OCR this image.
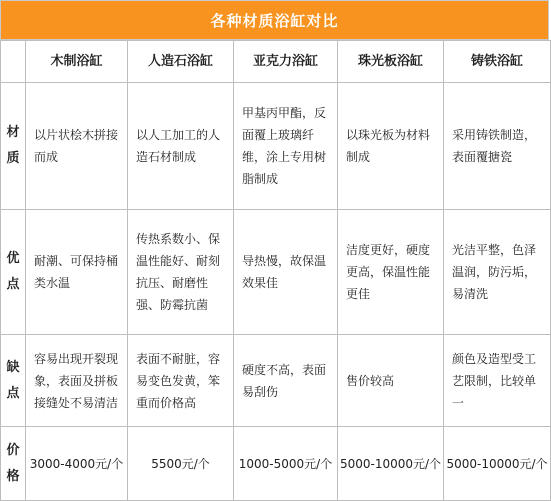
各种材质浴缸对比
	木制浴缸	人造石浴缸	亚克力浴缸	珠光板浴缸	铸铁浴缸

材
质	以片状桧木拼接而成	以人工加工的人造石材制成	甲基丙甲酯，反面覆上玻璃纤维，涂上专用树脂制成	以珠光板为材料制成	采用铸铁制造，表面覆搪瓷

优
点	耐潮、可保持桶类水温	传热系数小、保温性能好、耐刻抗压、耐磨性强、防霉抗菌	导热慢，故保温效果佳	洁度更好，硬度更高，保温性能更佳	光洁平整，色泽温润，防污垢，易清洗

缺
点	容易出现开裂现象，表面及拼板接缝处不易清洁	表面不耐脏，容易变色发黄，笨重而价格高	硬度不高，表面易刮伤	售价较高	颜色及造型受工艺限制，比较单一

价
格	3000-4000元/个	5500元/个	1000-5000元/个	5000-10000元/个	5000-10000元/个
